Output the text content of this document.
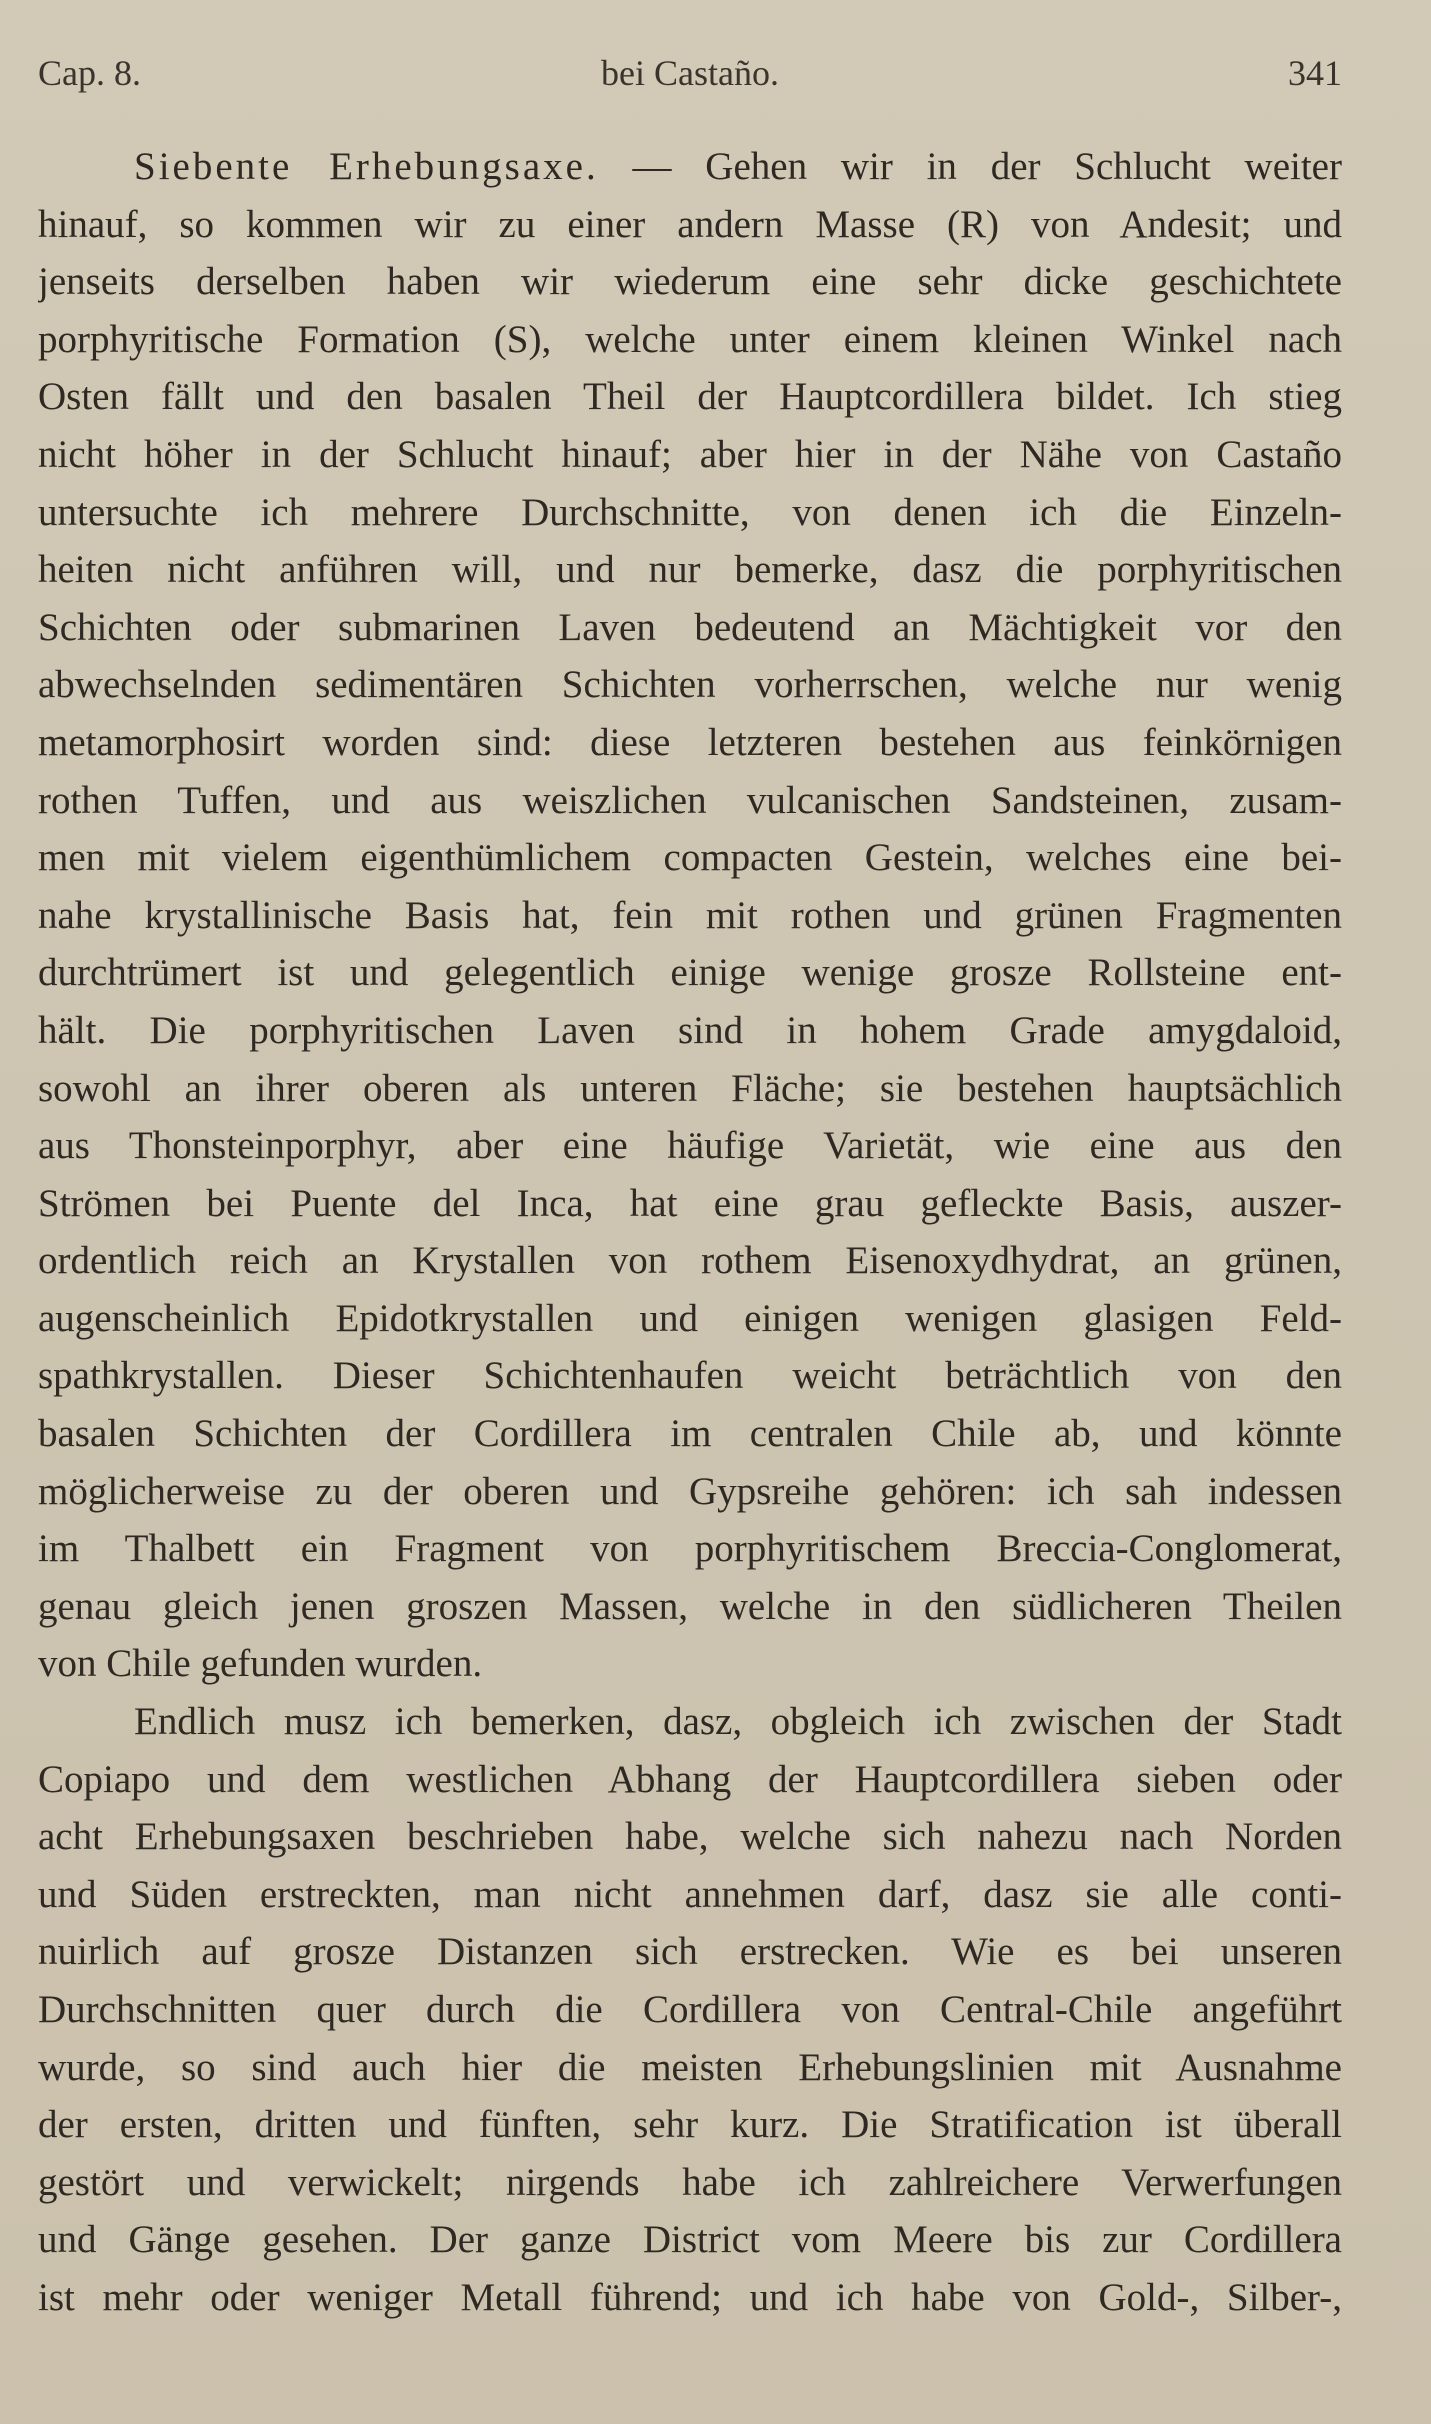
Cap. 8.	bei Castaño.	341
Siebente Erhebungsaxe. — Gehen wir in der Schlucht weiter
hinauf, so kommen wir zu einer andern Masse (R) von Andesit; und
jenseits derselben haben wir wiederum eine sehr dicke geschichtete
porphyritische Formation (S), welche unter einem kleinen Winkel nach
Osten fällt und den basalen Theil der Hauptcordillera bildet. Ich stieg
nicht höher in der Schlucht hinauf; aber hier in der Nähe von Castaño
untersuchte ich mehrere Durchschnitte, von denen ich die Einzeln-
heiten nicht anführen will, und nur bemerke, dasz die porphyritischen
Schichten oder submarinen Laven bedeutend an Mächtigkeit vor den
abwechselnden sedimentären Schichten vorherrschen, welche nur wenig
metamorphosirt worden sind: diese letzteren bestehen aus feinkörnigen
rothen Tuffen, und aus weiszlichen vulcanischen Sandsteinen, zusam-
men mit vielem eigenthümlichem compacten Gestein, welches eine bei-
nahe krystallinische Basis hat, fein mit rothen und grünen Fragmenten
durchtrümert ist und gelegentlich einige wenige grosze Rollsteine ent-
hält. Die porphyritischen Laven sind in hohem Grade amygdaloid,
sowohl an ihrer oberen als unteren Fläche; sie bestehen hauptsächlich
aus Thonsteinporphyr, aber eine häufige Varietät, wie eine aus den
Strömen bei Puente del Inca, hat eine grau gefleckte Basis, auszer-
ordentlich reich an Krystallen von rothem Eisenoxydhydrat, an grünen,
augenscheinlich Epidotkrystallen und einigen wenigen glasigen Feld-
spathkrystallen. Dieser Schichtenhaufen weicht beträchtlich von den
basalen Schichten der Cordillera im centralen Chile ab, und könnte
möglicherweise zu der oberen und Gypsreihe gehören: ich sah indessen
im Thalbett ein Fragment von porphyritischem Breccia-Conglomerat,
genau gleich jenen groszen Massen, welche in den südlicheren Theilen
von Chile gefunden wurden.
Endlich musz ich bemerken, dasz, obgleich ich zwischen der Stadt
Copiapo und dem westlichen Abhang der Hauptcordillera sieben oder
acht Erhebungsaxen beschrieben habe, welche sich nahezu nach Norden
und Süden erstreckten, man nicht annehmen darf, dasz sie alle conti-
nuirlich auf grosze Distanzen sich erstrecken. Wie es bei unseren
Durchschnitten quer durch die Cordillera von Central-Chile angeführt
wurde, so sind auch hier die meisten Erhebungslinien mit Ausnahme
der ersten, dritten und fünften, sehr kurz. Die Stratification ist überall
gestört und verwickelt; nirgends habe ich zahlreichere Verwerfungen
und Gänge gesehen. Der ganze District vom Meere bis zur Cordillera
ist mehr oder weniger Metall führend; und ich habe von Gold-, Silber-,
